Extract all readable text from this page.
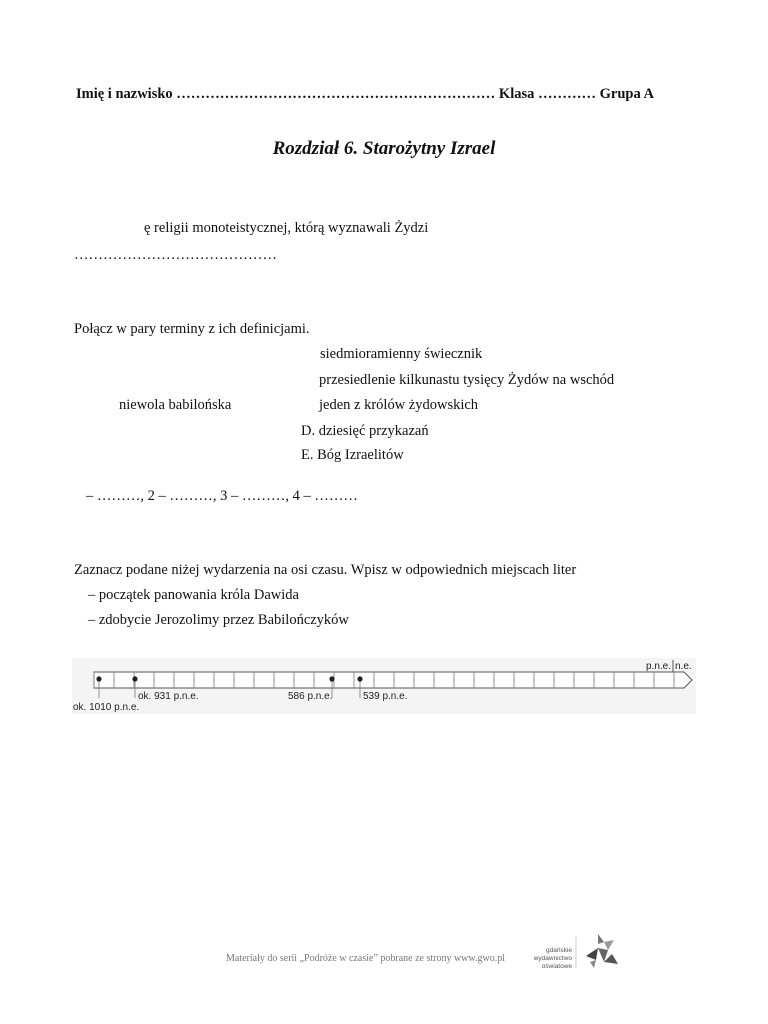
Imię i nazwisko ………………………………………………………… Klasa ………… Grupa A
Rozdział 6. Starożytny Izrael
ę religii monoteistycznej, którą wyznawali Żydzi
……………………………………
Połącz w pary terminy z ich definicjami.
siedmioramienny świecznik
przesiedlenie kilkunastu tysięcy Żydów na wschód
niewola babilońska	jeden z królów żydowskich
D. dziesięć przykazań
E. Bóg Izraelitów
– ………, 2 – ………, 3 – ………, 4 – ………
Zaznacz podane niżej wydarzenia na osi czasu. Wpisz w odpowiednich miejscach liter
– początek panowania króla Dawida
– zdobycie Jerozolimy przez Babilończyków
p.n.e. n.e.
ok. 1010 p.n.e.
ok. 931 p.n.e.	586 p.n.e.	539 p.n.e.
Materiały do serii „Podróże w czasie” pobrane ze strony www.gwo.pl
gdańskie
wydawnictwo
oświatowe
